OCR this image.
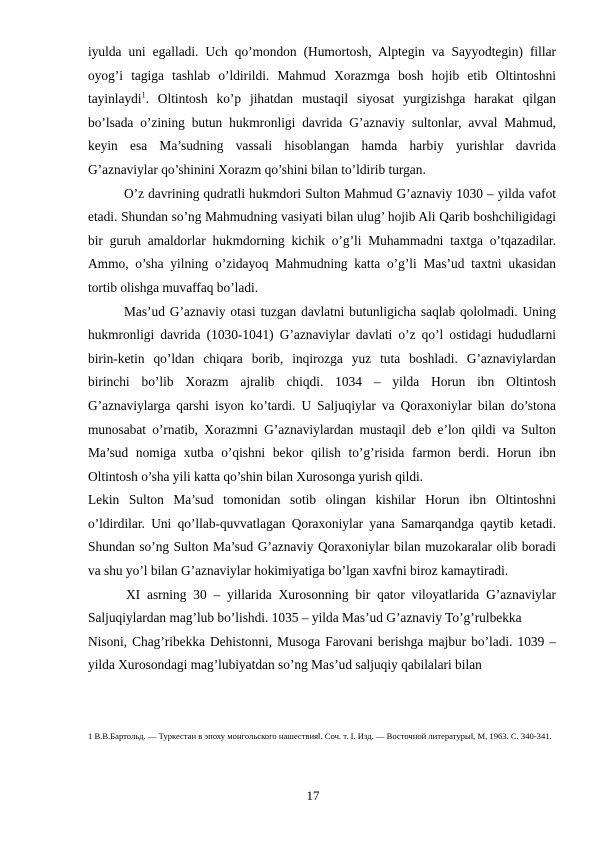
iyulda uni egalladi. Uch qo’mondon (Humortosh, Alptegin va Sayyodtegin) fillar oyog’i tagiga tashlab o’ldirildi. Mahmud Xorazmga bosh hojib etib Oltintoshni tayinlaydi$^1$. Oltintosh ko’p jihatdan mustaqil siyosat yurgizishga harakat qilgan bo’lsada o’zining butun hukmronligi davrida G’aznaviy sultonlar, avval Mahmud, keyin esa Ma’sudning vassali hisoblangan hamda harbiy yurishlar davrida G’aznaviylar qo’shinini Xorazm qo’shini bilan to’ldirib turgan.

O’z davrining qudratli hukmdori Sulton Mahmud G’aznaviy 1030 – yilda vafot etadi. Shundan so’ng Mahmudning vasiyati bilan ulug’ hojib Ali Qarib boshchiligidagi bir guruh amaldorlar hukmdorning kichik o’g’li Muhammadni taxtga o’tqazadilar. Ammo, o’sha yilning o’zidayoq Mahmudning katta o’g’li Mas’ud taxtni ukasidan tortib olishga muvaffaq bo’ladi.

Mas’ud G’aznaviy otasi tuzgan davlatni butunligicha saqlab qololmadi. Uning hukmronligi davrida (1030-1041) G’aznaviylar davlati o’z qo’l ostidagi hududlarni birin-ketin qo’ldan chiqara borib, inqirozga yuz tuta boshladi. G’aznaviylardan birinchi bo’lib Xorazm ajralib chiqdi. 1034 – yilda Horun ibn Oltintosh G’aznaviylarga qarshi isyon ko’tardi. U Saljuqiylar va Qoraxoniylar bilan do’stona munosabat o’rnatib, Xorazmni G’aznaviylardan mustaqil deb e’lon qildi va Sulton Ma’sud nomiga xutba o’qishni bekor qilish to’g’risida farmon berdi. Horun ibn Oltintosh o’sha yili katta qo’shin bilan Xurosonga yurish qildi.

Lekin Sulton Ma’sud tomonidan sotib olingan kishilar Horun ibn Oltintoshni o’ldirdilar. Uni qo’llab-quvvatlagan Qoraxoniylar yana Samarqandga qaytib ketadi. Shundan so’ng Sulton Ma’sud G’aznaviy Qoraxoniylar bilan muzokaralar olib boradi va shu yo’l bilan G’aznaviylar hokimiyatiga bo’lgan xavfni biroz kamaytiradi.

XI asrning 30 – yillarida Xurosonning bir qator viloyatlarida G’aznaviylar Saljuqiylardan mag’lub bo’lishdi. 1035 – yilda Mas’ud G’aznaviy To’g’rulbekka

Nisoni, Chag’ribekka Dehistonni, Musoga Farovani berishga majbur bo’ladi. 1039 – yilda Xurosondagi mag’lubiyatdan so’ng Mas’ud saljuqiy qabilalari bilan

1 В.В.Бартольд. — Туркестан в эпоху монгольского нашествия‖. Соч. т. I. Изд. — Восточной литературы‖, М, 1963. С. 340-341.
17
